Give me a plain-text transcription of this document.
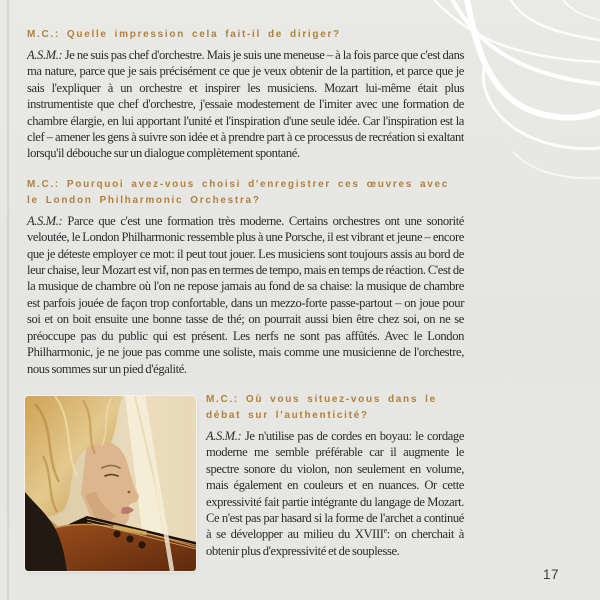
M.C.: Quelle impression cela fait-il de diriger?

A.S.M.: Je ne suis pas chef d'orchestre. Mais je suis une meneuse – à la fois parce que c'est dans ma nature, parce que je sais précisément ce que je veux obtenir de la partition, et parce que je sais l'expliquer à un orchestre et inspirer les musiciens. Mozart lui-même était plus instrumentiste que chef d'orchestre, j'essaie modestement de l'imiter avec une formation de chambre élargie, en lui apportant l'unité et l'inspiration d'une seule idée. Car l'inspiration est la clef – amener les gens à suivre son idée et à prendre part à ce processus de recréation si exaltant lorsqu'il débouche sur un dialogue complètement spontané.

M.C.: Pourquoi avez-vous choisi d'enregistrer ces œuvres avec le London Philharmonic Orchestra?

A.S.M.: Parce que c'est une formation très moderne. Certains orchestres ont une sonorité veloutée, le London Philharmonic ressemble plus à une Porsche, il est vibrant et jeune – encore que je déteste employer ce mot: il peut tout jouer. Les musiciens sont toujours assis au bord de leur chaise, leur Mozart est vif, non pas en termes de tempo, mais en temps de réaction. C'est de la musique de chambre où l'on ne repose jamais au fond de sa chaise: la musique de chambre est parfois jouée de façon trop confortable, dans un mezzo-forte passe-partout – on joue pour soi et on boit ensuite une bonne tasse de thé; on pourrait aussi bien être chez soi, on ne se préoccupe pas du public qui est présent. Les nerfs ne sont pas affûtés. Avec le London Philharmonic, je ne joue pas comme une soliste, mais comme une musicienne de l'orchestre, nous sommes sur un pied d'égalité.

M.C.: Où vous situez-vous dans le débat sur l'authenticité?

A.S.M.: Je n'utilise pas de cordes en boyau: le cordage moderne me semble préférable car il augmente le spectre sonore du violon, non seulement en volume, mais également en couleurs et en nuances. Or cette expressivité fait partie intégrante du langage de Mozart. Ce n'est pas par hasard si la forme de l'archet a continué à se développer au milieu du XVIIIe: on cherchait à obtenir plus d'expressivité et de souplesse.

17
